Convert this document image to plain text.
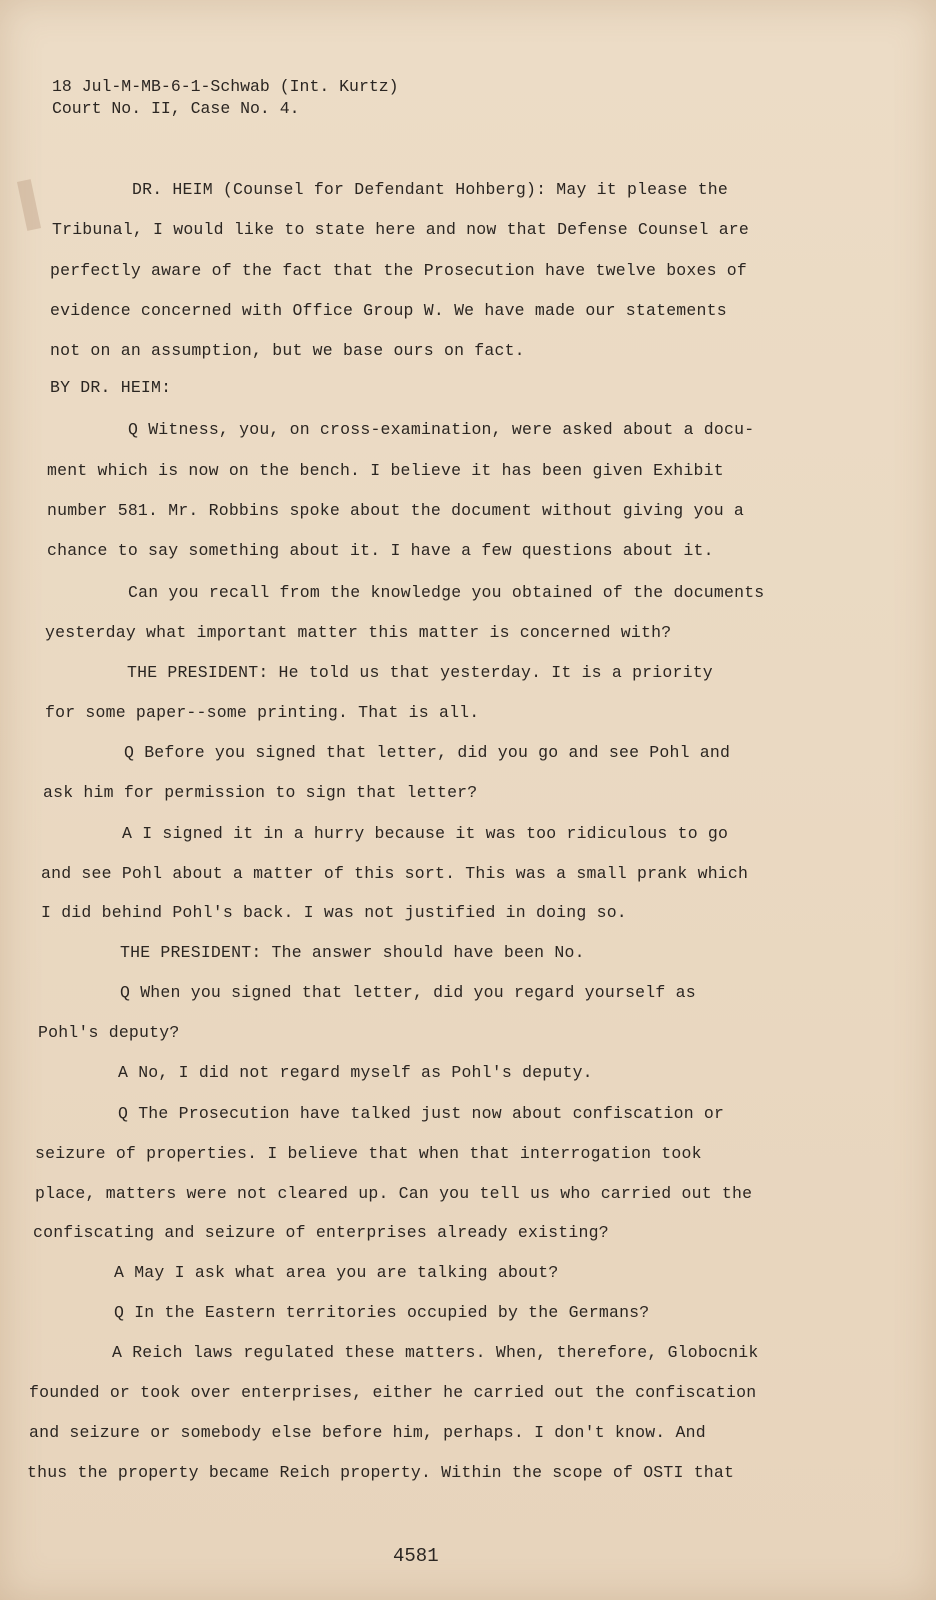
18 Jul-M-MB-6-1-Schwab (Int. Kurtz)
Court No. II, Case No. 4.
DR. HEIM (Counsel for Defendant Hohberg): May it please the
Tribunal, I would like to state here and now that Defense Counsel are
perfectly aware of the fact that the Prosecution have twelve boxes of
evidence concerned with Office Group W. We have made our statements
not on an assumption, but we base ours on fact.
BY DR. HEIM:
Q Witness, you, on cross-examination, were asked about a docu-
ment which is now on the bench. I believe it has been given Exhibit
number 581. Mr. Robbins spoke about the document without giving you a
chance to say something about it. I have a few questions about it.
Can you recall from the knowledge you obtained of the documents
yesterday what important matter this matter is concerned with?
THE PRESIDENT: He told us that yesterday. It is a priority
for some paper--some printing. That is all.
Q Before you signed that letter, did you go and see Pohl and
ask him for permission to sign that letter?
A I signed it in a hurry because it was too ridiculous to go
and see Pohl about a matter of this sort. This was a small prank which
I did behind Pohl's back. I was not justified in doing so.
THE PRESIDENT: The answer should have been No.
Q When you signed that letter, did you regard yourself as
Pohl's deputy?
A No, I did not regard myself as Pohl's deputy.
Q The Prosecution have talked just now about confiscation or
seizure of properties. I believe that when that interrogation took
place, matters were not cleared up. Can you tell us who carried out the
confiscating and seizure of enterprises already existing?
A May I ask what area you are talking about?
Q In the Eastern territories occupied by the Germans?
A Reich laws regulated these matters. When, therefore, Globocnik
founded or took over enterprises, either he carried out the confiscation
and seizure or somebody else before him, perhaps. I don't know. And
thus the property became Reich property. Within the scope of OSTI that
4581
